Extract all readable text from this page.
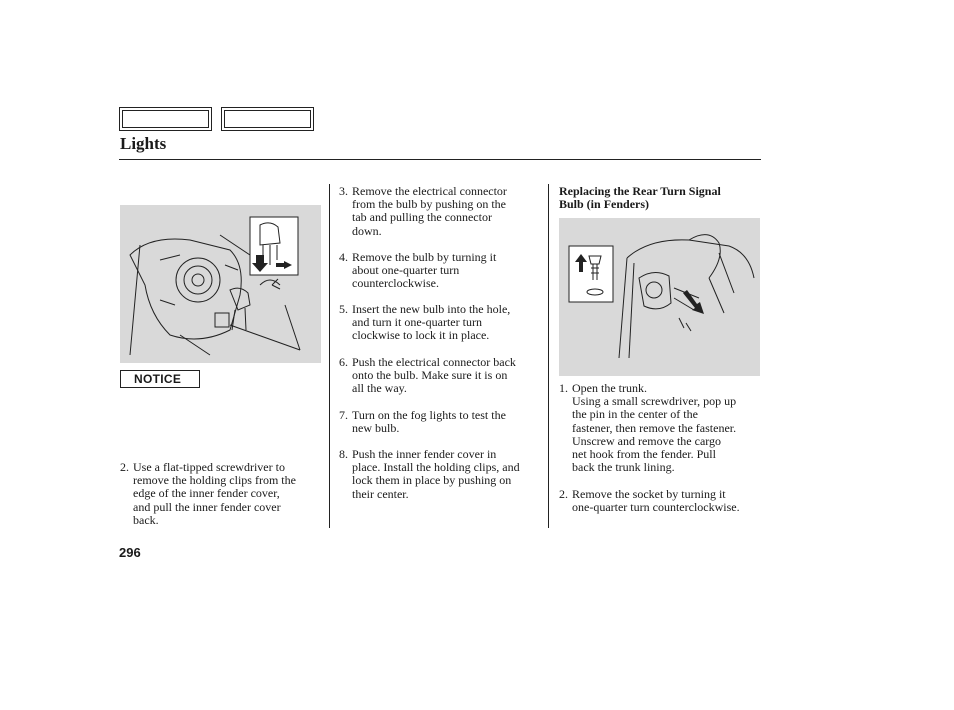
Lights
NOTICE
2. Use a flat-tipped screwdriver to
remove the holding clips from the
edge of the inner fender cover,
and pull the inner fender cover
back.
3. Remove the electrical connector
from the bulb by pushing on the
tab and pulling the connector
down.
4. Remove the bulb by turning it
about one-quarter turn
counterclockwise.
5. Insert the new bulb into the hole,
and turn it one-quarter turn
clockwise to lock it in place.
6. Push the electrical connector back
onto the bulb. Make sure it is on
all the way.
7. Turn on the fog lights to test the
new bulb.
8. Push the inner fender cover in
place. Install the holding clips, and
lock them in place by pushing on
their center.
Replacing the Rear Turn Signal
Bulb (in Fenders)
1. Open the trunk.
Using a small screwdriver, pop up
the pin in the center of the
fastener, then remove the fastener.
Unscrew and remove the cargo
net hook from the fender. Pull
back the trunk lining.
2. Remove the socket by turning it
one-quarter turn counterclockwise.
296
